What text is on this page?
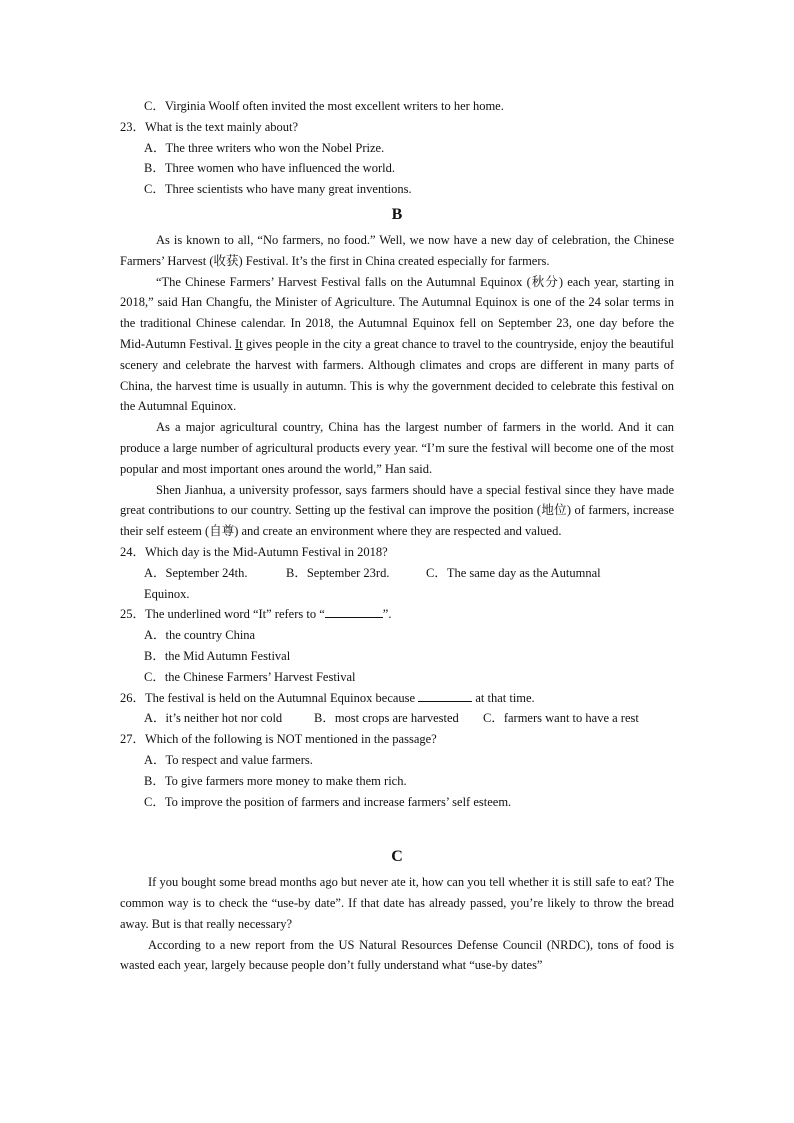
C．Virginia Woolf often invited the most excellent writers to her home.
23．What is the text mainly about?
A．The three writers who won the Nobel Prize.
B．Three women who have influenced the world.
C．Three scientists who have many great inventions.
B

As is known to all, “No farmers, no food.” Well, we now have a new day of celebration, the Chinese Farmers’ Harvest (收获) Festival. It’s the first in China created especially for farmers.

“The Chinese Farmers’ Harvest Festival falls on the Autumnal Equinox (秋分) each year, starting in 2018,” said Han Changfu, the Minister of Agriculture. The Autumnal Equinox is one of the 24 solar terms in the traditional Chinese calendar. In 2018, the Autumnal Equinox fell on September 23, one day before the Mid-Autumn Festival. It gives people in the city a great chance to travel to the countryside, enjoy the beautiful scenery and celebrate the harvest with farmers. Although climates and crops are different in many parts of China, the harvest time is usually in autumn. This is why the government decided to celebrate this festival on the Autumnal Equinox.

As a major agricultural country, China has the largest number of farmers in the world. And it can produce a large number of agricultural products every year. “I’m sure the festival will become one of the most popular and most important ones around the world,” Han said.

Shen Jianhua, a university professor, says farmers should have a special festival since they have made great contributions to our country. Setting up the festival can improve the position (地位) of farmers, increase their self esteem (自尊) and create an environment where they are respected and valued.

24．Which day is the Mid-Autumn Festival in 2018?
A．September 24th.	B．September 23rd.	C．The same day as the Autumnal
Equinox.
25．The underlined word “It” refers to “	”.
A．the country China
B．the Mid Autumn Festival
C．the Chinese Farmers’ Harvest Festival
26．The festival is held on the Autumnal Equinox because	at that time.
A．it’s neither hot nor cold	B．most crops are harvested C．farmers want to have a rest
27．Which of the following is NOT mentioned in the passage?
A．To respect and value farmers.
B．To give farmers more money to make them rich.
C．To improve the position of farmers and increase farmers’ self esteem.
C

If you bought some bread months ago but never ate it, how can you tell whether it is still safe to eat? The common way is to check the “use-by date”. If that date has already passed, you’re likely to throw the bread away. But is that really necessary?

According to a new report from the US Natural Resources Defense Council (NRDC), tons of food is wasted each year, largely because people don’t fully understand what “use-by dates”
